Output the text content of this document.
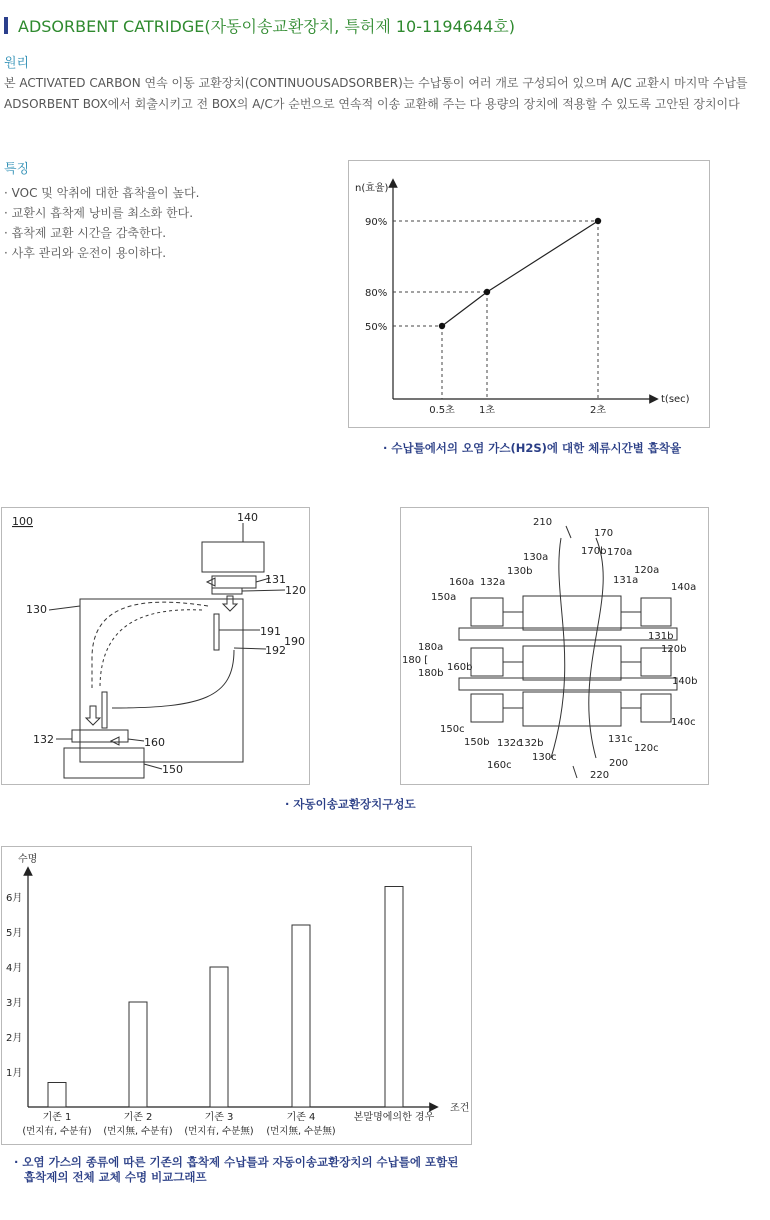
ADSORBENT CATRIDGE(자동이송교환장치, 특허제 10-1194644호)
원리
본 ACTIVATED CARBON 연속 이동 교환장치(CONTINUOUSADSORBER)는 수납통이 여러 개로 구성되어 있으며 A/C 교환시 마지막 수납틀
ADSORBENT BOX에서 회출시키고 전 BOX의 A/C가 순번으로 연속적 이송 교환해 주는 다 용량의 장치에 적용할 수 있도록 고안된 장치이다
특징
· VOC 및 악취에 대한 흡착율이 높다.
· 교환시 흡착제 낭비를 최소화 한다.
· 흡착제 교환 시간을 감축한다.
· 사후 관리와 운전이 용이하다.
n(효율)
t(sec)
50%
0.5초
80%
1초
90%
2초
· 수납틀에서의 오염 가스(H2S)에 대한 체류시간별 흡착율
100	140
131
120
130
191
190
192
132	160
150
210
170
170b 170a
130a
130b
160a 132a	131a
120a
150a
140a
131b
180a
180 [
160b
120b
180b
140b
150c
140c
150b 132c
132b	131c
120c
130c
200
160c
220
· 자동이송교환장치구성도
수명
조건
1月
2月
3月
4月
5月
6月
기존 1
(먼지有, 수분有)
기존 2
(먼지無, 수분有)
기존 3
(먼지有, 수분無)
기존 4
(먼지無, 수분無)
본말명에의한 경우
· 오염 가스의 종류에 따른 기존의 흡착제 수납틀과 자동이송교환장치의 수납틀에 포함된
흡착제의 전체 교체 수명 비교그래프
